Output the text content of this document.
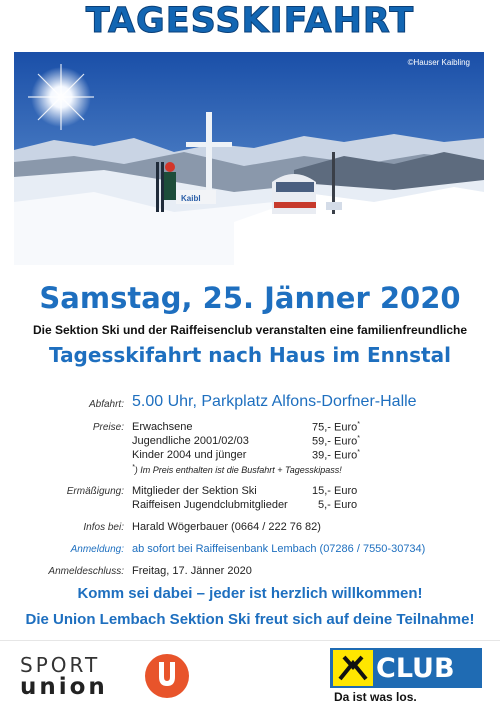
TAGESSKIFAHRT
Kaibl
©Hauser Kaibling
Samstag, 25. Jänner 2020
Die Sektion Ski und der Raiffeisenclub veranstalten eine familienfreundliche
Tagesskifahrt nach Haus im Ennstal
Abfahrt: 5.00 Uhr, Parkplatz Alfons-Dorfner-Halle
Preise: Erwachsene	75,- Euro*
Jugendliche 2001/02/03	59,- Euro*
Kinder 2004 und jünger	39,- Euro*
*) Im Preis enthalten ist die Busfahrt + Tagesskipass!
Ermäßigung: Mitglieder der Sektion Ski	15,- Euro
Raiffeisen Jugendclubmitglieder	5,- Euro
Infos bei: Harald Wögerbauer (0664 / 222 76 82)
Anmeldung: ab sofort bei Raiffeisenbank Lembach (07286 / 7550-30734)
Anmeldeschluss: Freitag, 17. Jänner 2020
Komm sei dabei – jeder ist herzlich willkommen!
Die Union Lembach Sektion Ski freut sich auf deine Teilnahme!
SPORT
union
CLUB
Da ist was los.
